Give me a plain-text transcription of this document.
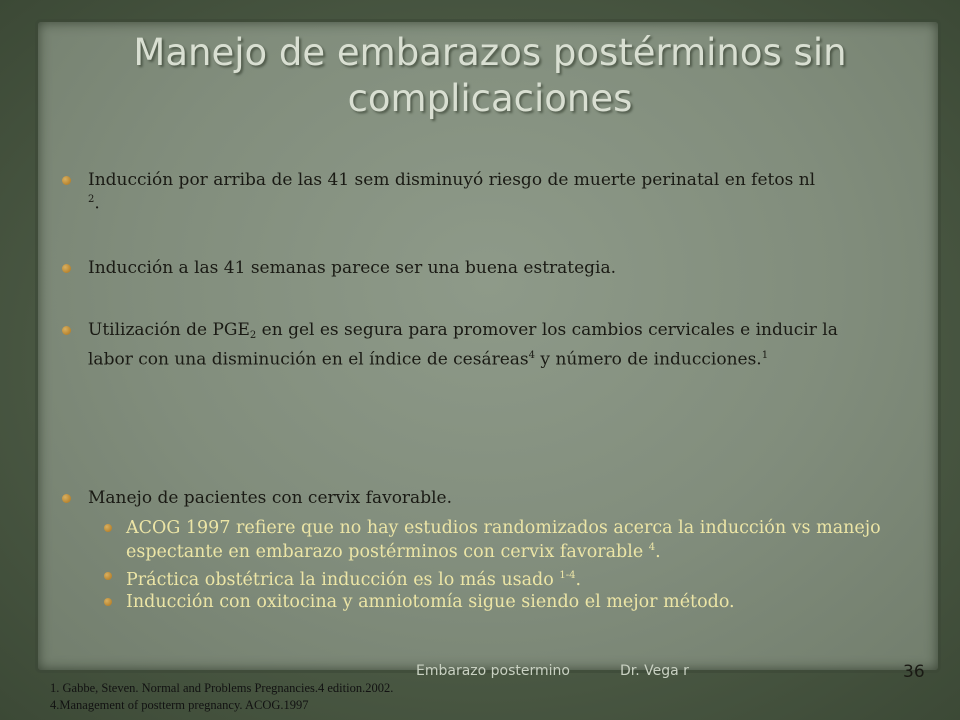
Manejo de embarazos postérminos sin complicaciones
Inducción por arriba de las 41 sem disminuyó riesgo de muerte perinatal en fetos nl $^2$.
Inducción a las 41 semanas parece ser una buena estrategia.
Utilización de $PGE_2$ en gel es segura para promover los cambios cervicales e inducir la labor con una disminución en el índice de cesáreas$^4$ y número de inducciones.$^1$
Manejo de pacientes con cervix favorable.
ACOG 1997 refiere que no hay estudios randomizados acerca la inducción vs manejo espectante en embarazo postérminos con cervix favorable $^4$.
Práctica obstétrica la inducción es lo más usado $^{1-4}$.
Inducción con oxitocina y amniotomía sigue siendo el mejor método.
Embarazo postermino	Dr. Vega r	36
1. Gabbe, Steven. Normal and Problems Pregnancies.4 edition.2002.
4.Management of postterm pregnancy. ACOG.1997
